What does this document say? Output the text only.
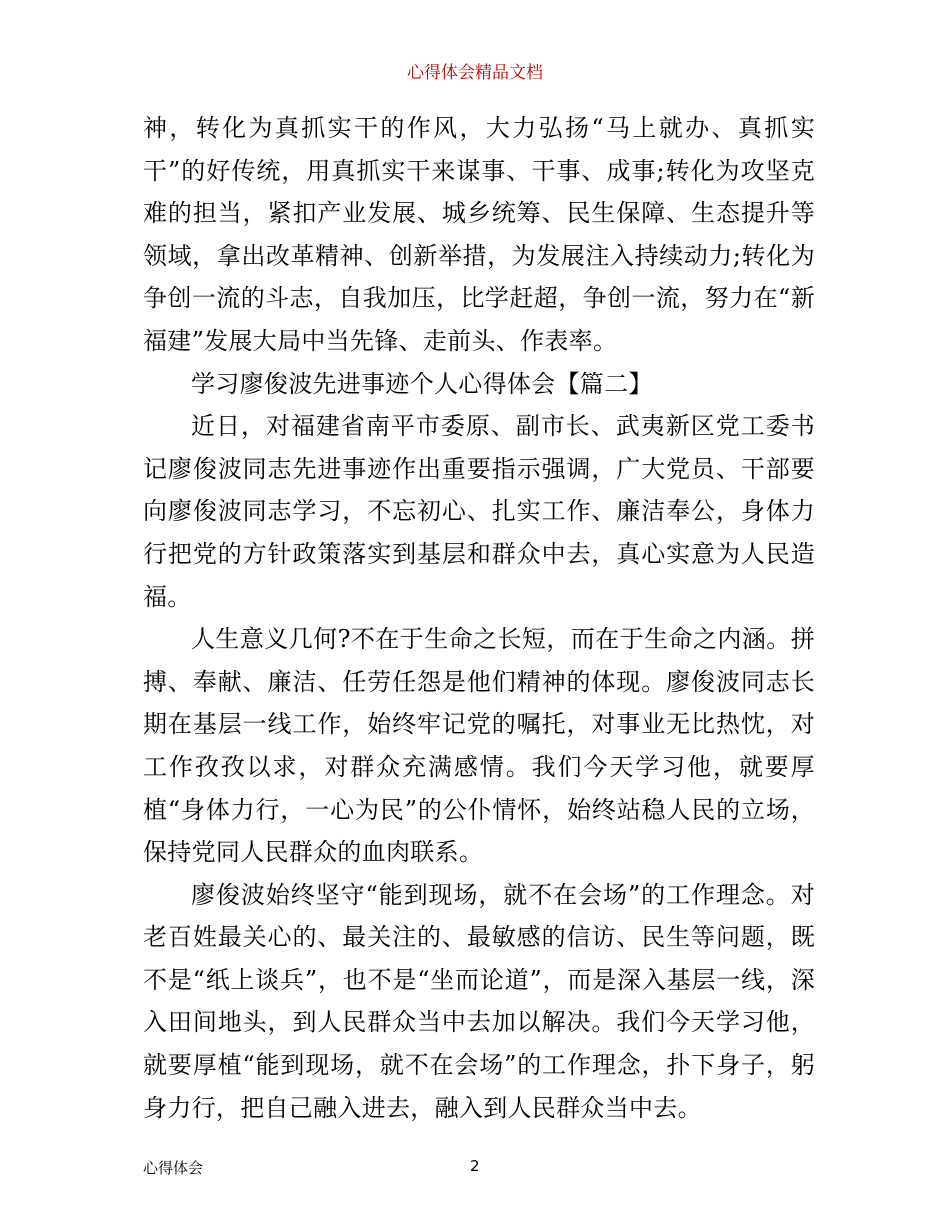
心得体会精品文档

神，转化为真抓实干的作风，大力弘扬“马上就办、真抓实干”的好传统，用真抓实干来谋事、干事、成事;转化为攻坚克难的担当，紧扣产业发展、城乡统筹、民生保障、生态提升等领域，拿出改革精神、创新举措，为发展注入持续动力;转化为争创一流的斗志，自我加压，比学赶超，争创一流，努力在“新福建”发展大局中当先锋、走前头、作表率。

学习廖俊波先进事迹个人心得体会【篇二】

近日，对福建省南平市委原、副市长、武夷新区党工委书记廖俊波同志先进事迹作出重要指示强调，广大党员、干部要向廖俊波同志学习，不忘初心、扎实工作、廉洁奉公，身体力行把党的方针政策落实到基层和群众中去，真心实意为人民造福。

人生意义几何?不在于生命之长短，而在于生命之内涵。拼搏、奉献、廉洁、任劳任怨是他们精神的体现。廖俊波同志长期在基层一线工作，始终牢记党的嘱托，对事业无比热忱，对工作孜孜以求，对群众充满感情。我们今天学习他，就要厚植“身体力行，一心为民”的公仆情怀，始终站稳人民的立场，保持党同人民群众的血肉联系。

廖俊波始终坚守“能到现场，就不在会场”的工作理念。对老百姓最关心的、最关注的、最敏感的信访、民生等问题，既不是“纸上谈兵”，也不是“坐而论道”，而是深入基层一线，深入田间地头，到人民群众当中去加以解决。我们今天学习他，就要厚植“能到现场，就不在会场”的工作理念，扑下身子，躬身力行，把自己融入进去，融入到人民群众当中去。

心得体会	2
